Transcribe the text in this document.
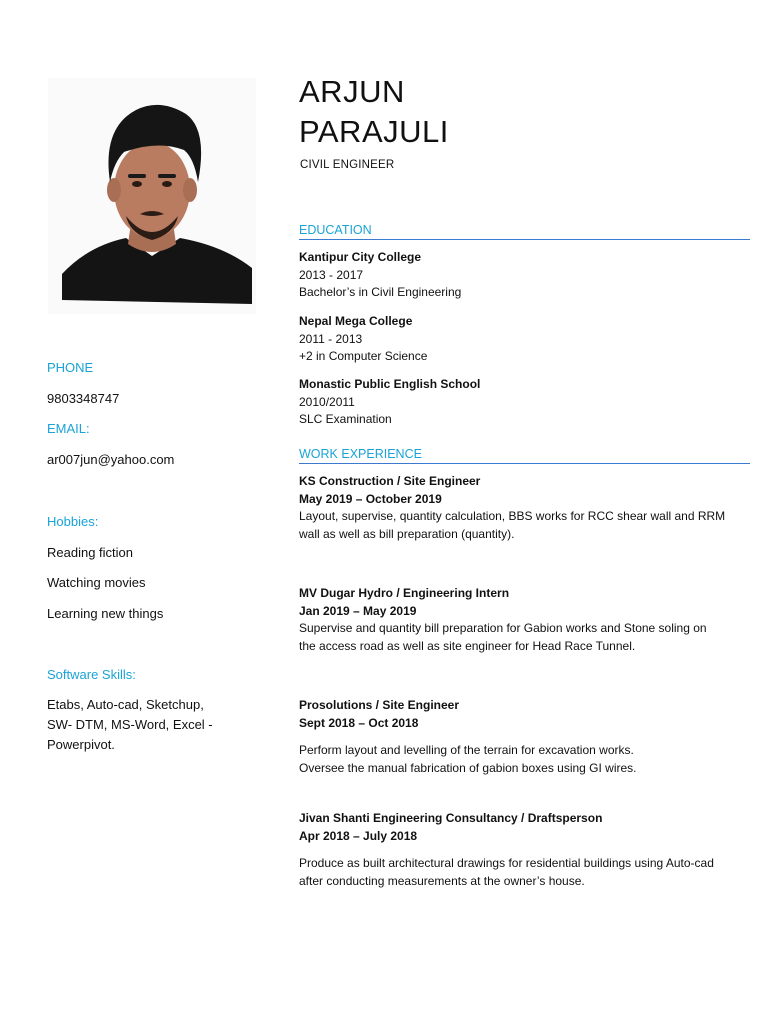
PHONE
9803348747
EMAIL:
ar007jun@yahoo.com
Hobbies:
Reading fiction
Watching movies
Learning new things
Software Skills:
Etabs, Auto-cad, Sketchup,
SW- DTM, MS-Word, Excel -
Powerpivot.
ARJUN
PARAJULI
CIVIL ENGINEER
EDUCATION
Kantipur City College
2013 - 2017
Bachelor’s in Civil Engineering
Nepal Mega College
2011 - 2013
+2 in Computer Science
Monastic Public English School
2010/2011
SLC Examination
WORK EXPERIENCE
KS Construction / Site Engineer
May 2019 – October 2019
Layout, supervise, quantity calculation, BBS works for RCC shear wall and RRM
wall as well as bill preparation (quantity).
MV Dugar Hydro / Engineering Intern
Jan 2019 – May 2019
Supervise and quantity bill preparation for Gabion works and Stone soling on
the access road as well as site engineer for Head Race Tunnel.
Prosolutions / Site Engineer
Sept 2018 – Oct 2018
Perform layout and levelling of the terrain for excavation works.
Oversee the manual fabrication of gabion boxes using GI wires.
Jivan Shanti Engineering Consultancy / Draftsperson
Apr 2018 – July 2018
Produce as built architectural drawings for residential buildings using Auto-cad
after conducting measurements at the owner’s house.
